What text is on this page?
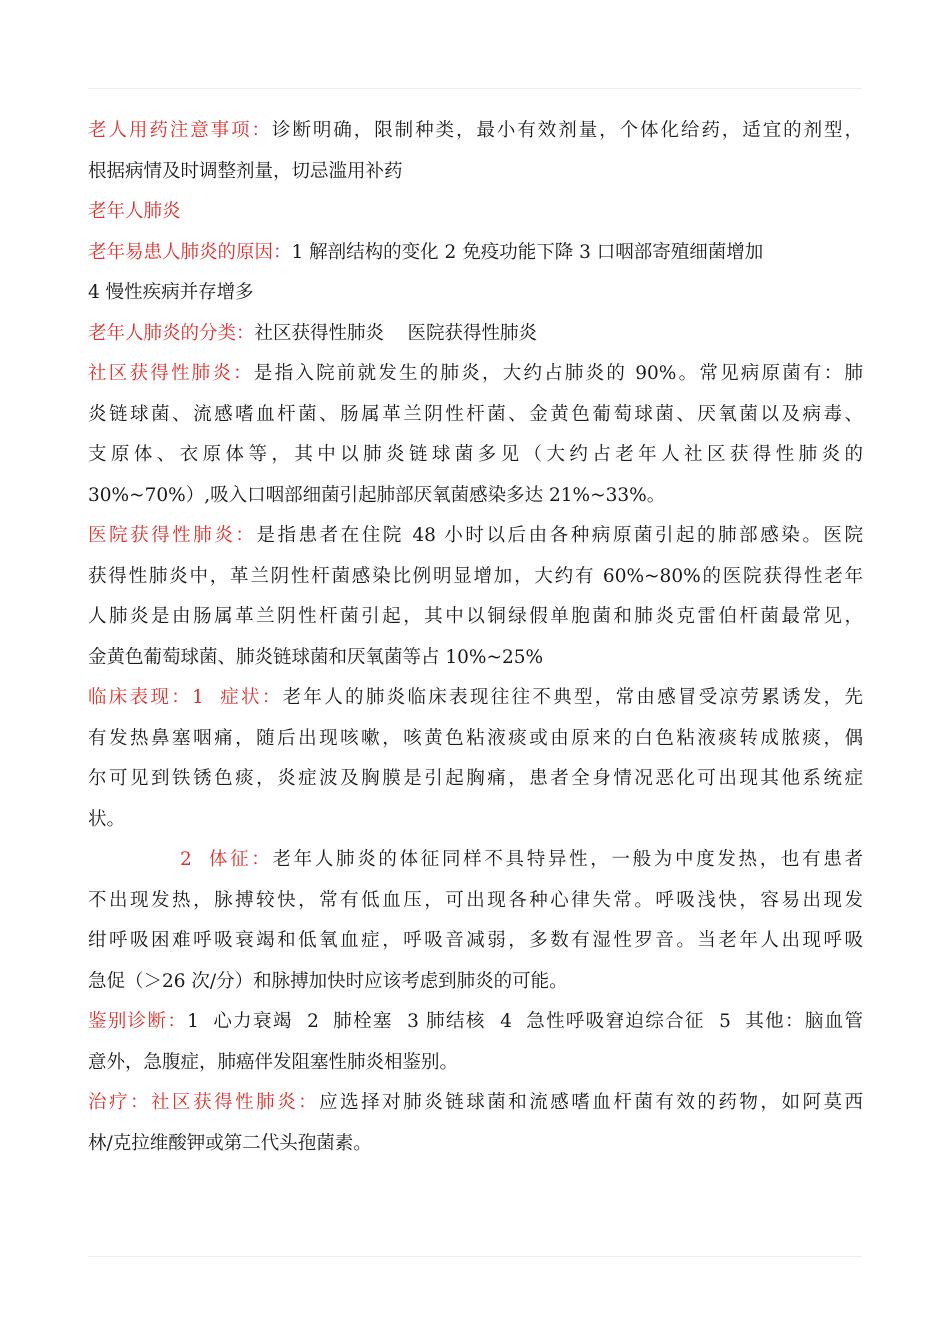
老人用药注意事项：诊断明确，限制种类，最小有效剂量，个体化给药，适宜的剂型，
根据病情及时调整剂量，切忌滥用补药
老年人肺炎
老年易患人肺炎的原因：1 解剖结构的变化 2 免疫功能下降 3 口咽部寄殖细菌增加
4 慢性疾病并存增多
老年人肺炎的分类：社区获得性肺炎    医院获得性肺炎
社区获得性肺炎：是指入院前就发生的肺炎，大约占肺炎的 90%。常见病原菌有：肺
炎链球菌、流感嗜血杆菌、肠属革兰阴性杆菌、金黄色葡萄球菌、厌氧菌以及病毒、
支原体、衣原体等，其中以肺炎链球菌多见（大约占老年人社区获得性肺炎的
30%~70%）,吸入口咽部细菌引起肺部厌氧菌感染多达 21%~33%。
医院获得性肺炎：是指患者在住院 48 小时以后由各种病原菌引起的肺部感染。医院
获得性肺炎中，革兰阴性杆菌感染比例明显增加，大约有 60%~80%的医院获得性老年
人肺炎是由肠属革兰阴性杆菌引起，其中以铜绿假单胞菌和肺炎克雷伯杆菌最常见，
金黄色葡萄球菌、肺炎链球菌和厌氧菌等占 10%~25%
临床表现：1  症状：老年人的肺炎临床表现往往不典型，常由感冒受凉劳累诱发，先
有发热鼻塞咽痛，随后出现咳嗽，咳黄色粘液痰或由原来的白色粘液痰转成脓痰，偶
尔可见到铁锈色痰，炎症波及胸膜是引起胸痛，患者全身情况恶化可出现其他系统症
状。
2  体征：老年人肺炎的体征同样不具特异性，一般为中度发热，也有患者
不出现发热，脉搏较快，常有低血压，可出现各种心律失常。呼吸浅快，容易出现发
绀呼吸困难呼吸衰竭和低氧血症，呼吸音减弱，多数有湿性罗音。当老年人出现呼吸
急促（＞26 次/分）和脉搏加快时应该考虑到肺炎的可能。
鉴别诊断：1  心力衰竭  2  肺栓塞  3 肺结核  4  急性呼吸窘迫综合征  5  其他：脑血管
意外，急腹症，肺癌伴发阻塞性肺炎相鉴别。
治疗：社区获得性肺炎：应选择对肺炎链球菌和流感嗜血杆菌有效的药物，如阿莫西
林/克拉维酸钾或第二代头孢菌素。
